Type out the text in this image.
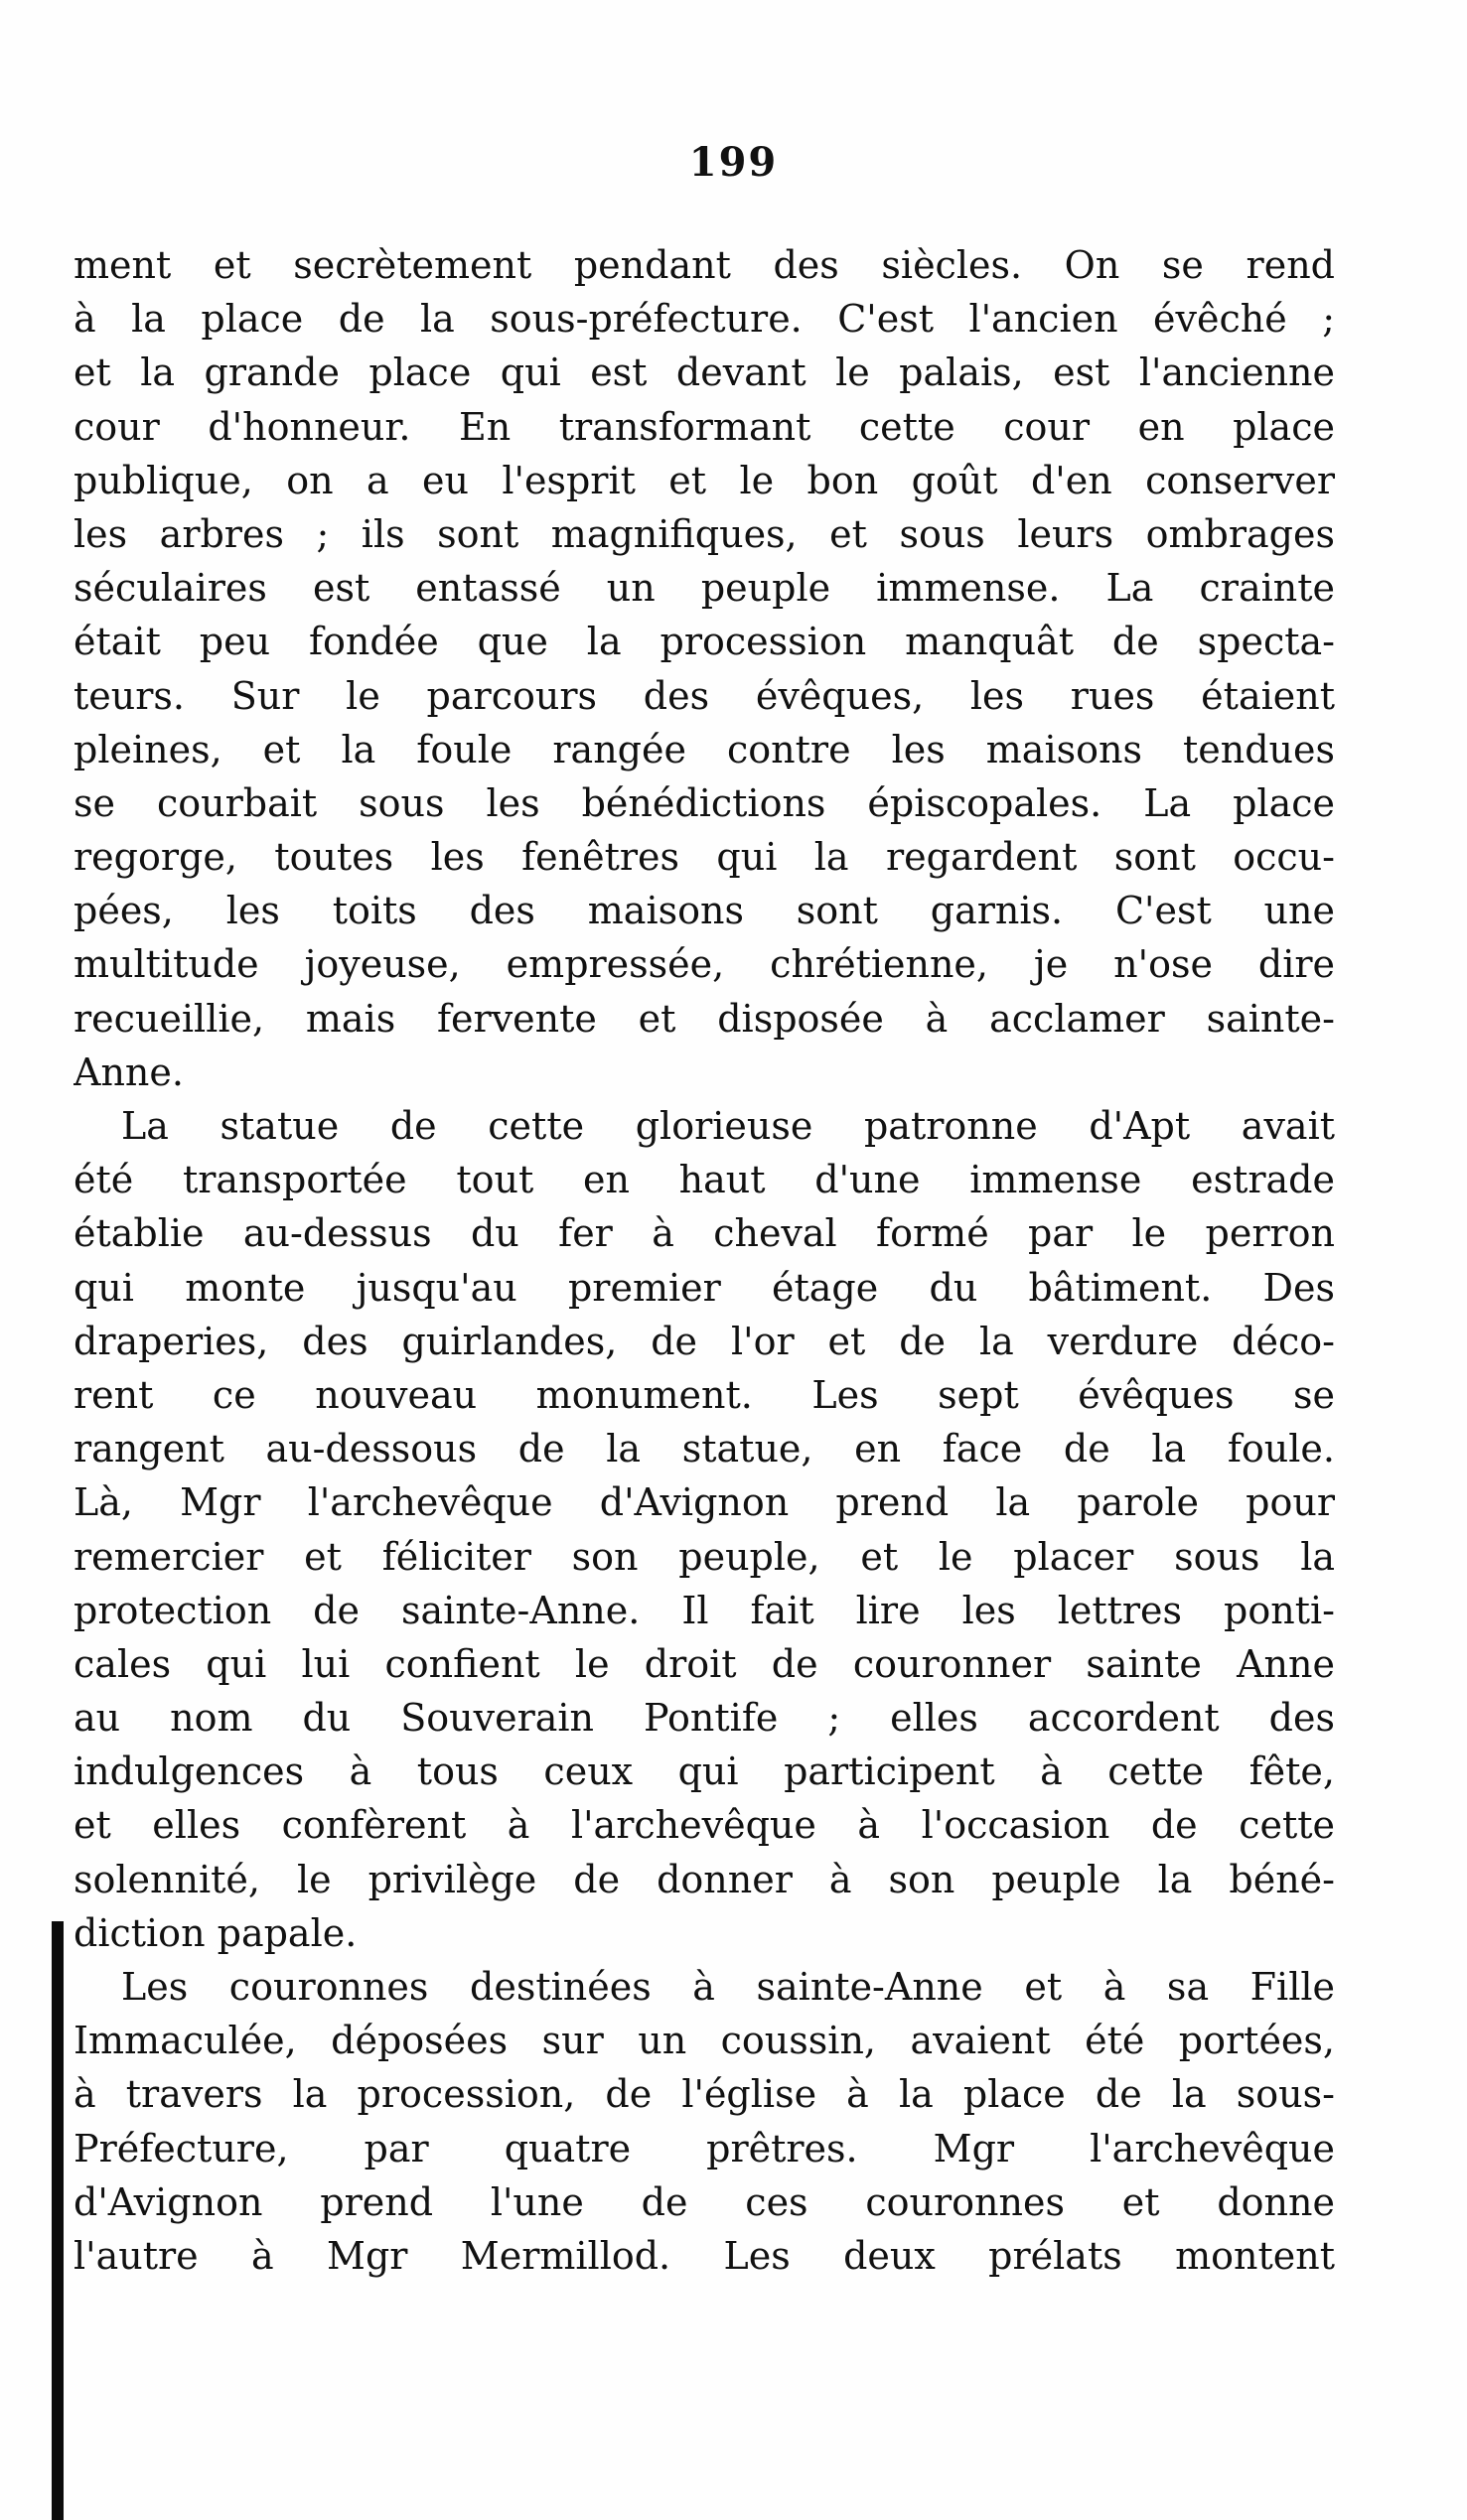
199
ment et secrètement pendant des siècles. On se rend
à la place de la sous-préfecture. C'est l'ancien évêché ;
et la grande place qui est devant le palais, est l'ancienne
cour d'honneur. En transformant cette cour en place
publique, on a eu l'esprit et le bon goût d'en conserver
les arbres ; ils sont magnifiques, et sous leurs ombrages
séculaires est entassé un peuple immense. La crainte
était peu fondée que la procession manquât de specta-
teurs. Sur le parcours des évêques, les rues étaient
pleines, et la foule rangée contre les maisons tendues
se courbait sous les bénédictions épiscopales. La place
regorge, toutes les fenêtres qui la regardent sont occu-
pées, les toits des maisons sont garnis. C'est une
multitude joyeuse, empressée, chrétienne, je n'ose dire
recueillie, mais fervente et disposée à acclamer sainte-
Anne.
La statue de cette glorieuse patronne d'Apt avait
été transportée tout en haut d'une immense estrade
établie au-dessus du fer à cheval formé par le perron
qui monte jusqu'au premier étage du bâtiment. Des
draperies, des guirlandes, de l'or et de la verdure déco-
rent ce nouveau monument. Les sept évêques se
rangent au-dessous de la statue, en face de la foule.
Là, Mgr l'archevêque d'Avignon prend la parole pour
remercier et féliciter son peuple, et le placer sous la
protection de sainte-Anne. Il fait lire les lettres ponti-
cales qui lui confient le droit de couronner sainte Anne
au nom du Souverain Pontife ; elles accordent des
indulgences à tous ceux qui participent à cette fête,
et elles confèrent à l'archevêque à l'occasion de cette
solennité, le privilège de donner à son peuple la béné-
diction papale.
Les couronnes destinées à sainte-Anne et à sa Fille
Immaculée, déposées sur un coussin, avaient été portées,
à travers la procession, de l'église à la place de la sous-
Préfecture, par quatre prêtres. Mgr l'archevêque
d'Avignon prend l'une de ces couronnes et donne
l'autre à Mgr Mermillod. Les deux prélats montent
